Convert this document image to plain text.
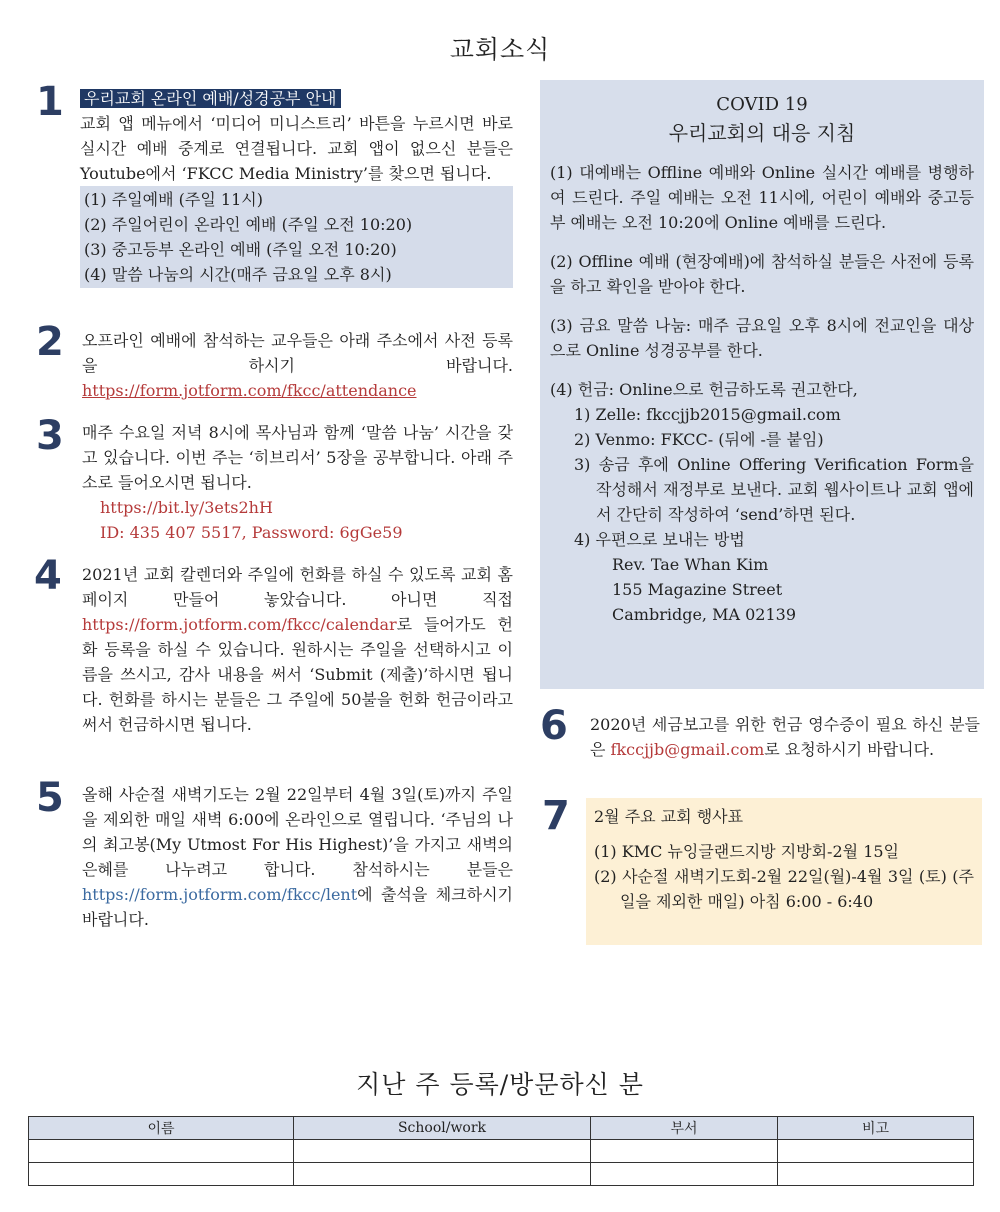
교회소식
1 우리교회 온라인 예배/성경공부 안내

교회 앱 메뉴에서 ‘미디어 미니스트리’ 바튼을 누르시면 바로 실시간 예배 중계로 연결됩니다. 교회 앱이 없으신 분들은 Youtube에서 ‘FKCC Media Ministry’를 찾으면 됩니다.

(1) 주일예배 (주일 11시)
(2) 주일어린이 온라인 예배 (주일 오전 10:20)
(3) 중고등부 온라인 예배 (주일 오전 10:20)
(4) 말씀 나눔의 시간(매주 금요일 오후 8시)
2 오프라인 예배에 참석하는 교우들은 아래 주소에서 사전 등록을 하시기 바랍니다. https://form.jotform.com/fkcc/attendance
3 매주 수요일 저녁 8시에 목사님과 함께 ‘말씀 나눔’ 시간을 갖고 있습니다. 이번 주는 ‘히브리서’ 5장을 공부합니다. 아래 주소로 들어오시면 됩니다.

https://bit.ly/3ets2hH

ID: 435 407 5517, Password: 6gGe59

4 2021년 교회 칼렌더와 주일에 헌화를 하실 수 있도록 교회 홈페이지 만들어 놓았습니다. 아니면 직접 https://form.jotform.com/fkcc/calendar로 들어가도 헌화 등록을 하실 수 있습니다. 원하시는 주일을 선택하시고 이름을 쓰시고, 감사 내용을 써서 ‘Submit (제출)’하시면 됩니다. 헌화를 하시는 분들은 그 주일에 50불을 헌화 헌금이라고 써서 헌금하시면 됩니다.
5 올해 사순절 새벽기도는 2월 22일부터 4월 3일(토)까지 주일을 제외한 매일 새벽 6:00에 온라인으로 열립니다. ‘주님의 나의 최고봉(My Utmost For His Highest)’을 가지고 새벽의 은혜를 나누려고 합니다. 참석하시는 분들은 https://form.jotform.com/fkcc/lent에 출석을 체크하시기 바랍니다.
COVID 19
우리교회의 대응 지침
(1) 대예배는 Offline 예배와 Online 실시간 예배를 병행하여 드린다. 주일 예배는 오전 11시에, 어린이 예배와 중고등부 예배는 오전 10:20에 Online 예배를 드린다.
(2) Offline 예배 (현장예배)에 참석하실 분들은 사전에 등록을 하고 확인을 받아야 한다.
(3) 금요 말씀 나눔: 매주 금요일 오후 8시에 전교인을 대상으로 Online 성경공부를 한다.
(4) 헌금: Online으로 헌금하도록 권고한다,
1) Zelle: fkccjjb2015@gmail.com
2) Venmo: FKCC- (뒤에 -를 붙임)
3) 송금 후에 Online Offering Verification Form을 작성해서 재정부로 보낸다. 교회 웹사이트나 교회 앱에서 간단히 작성하여 ‘send’하면 된다.
4) 우편으로 보내는 방법
Rev. Tae Whan Kim
155 Magazine Street
Cambridge, MA 02139
6 2020년 세금보고를 위한 헌금 영수증이 필요 하신 분들은 fkccjjb@gmail.com로 요청하시기 바랍니다.
7 2월 주요 교회 행사표
(1) KMC 뉴잉글랜드지방 지방회-2월 15일
(2) 사순절 새벽기도회-2월 22일(월)-4월 3일 (토) (주일을 제외한 매일) 아침 6:00 - 6:40
지난 주 등록/방문하신 분
이름	School/work	부서	비고
